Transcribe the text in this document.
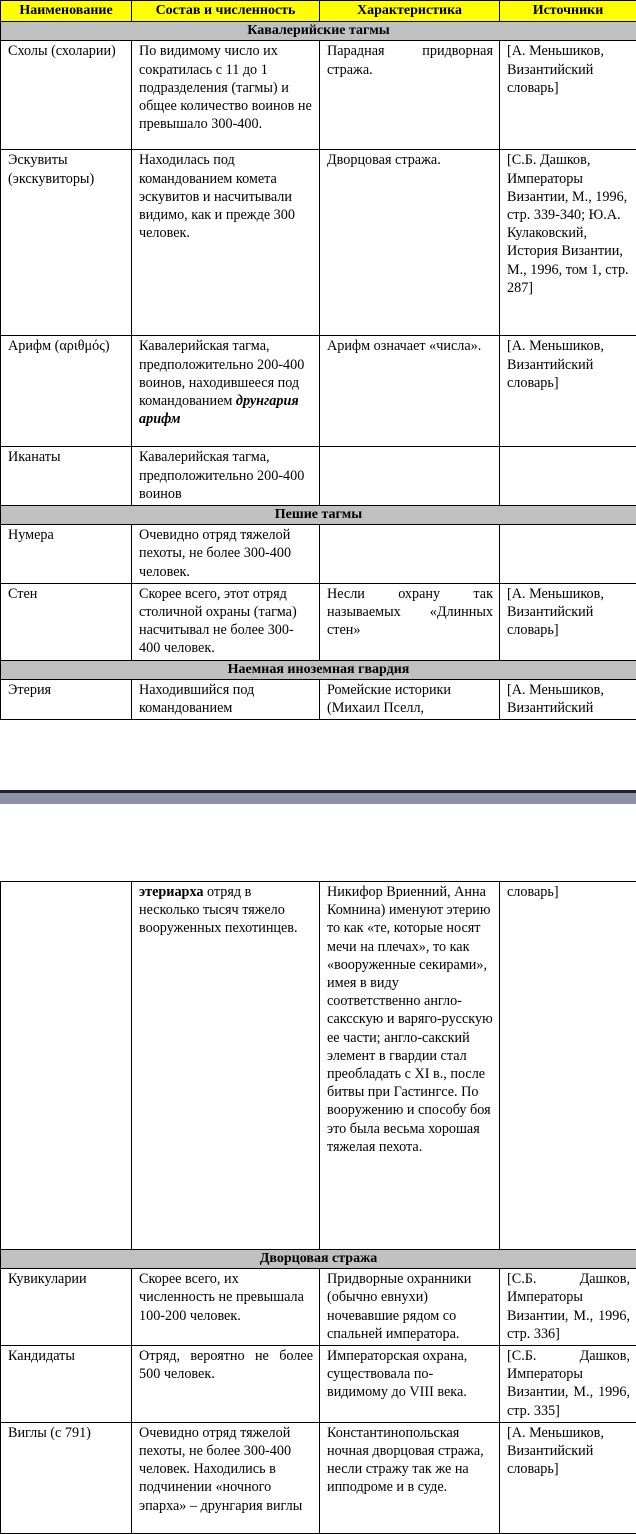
Наименование	Состав и численность	Характеристика	Источники
Кавалерийские тагмы			
Схолы (схоларии)	По видимому число их сократилась с 11 до 1 подразделения (тагмы) и общее количество воинов не превышало 300-400.	Парадная придворная стража.	[А. Меньшиков, Византийский словарь]
Эскувиты (экскувиторы)	Находилась под командованием комета эскувитов и насчитывали видимо, как и прежде 300 человек.	Дворцовая стража.	[С.Б. Дашков, Императоры Византии, М., 1996, стр. 339-340; Ю.А. Кулаковский, История Византии, М., 1996, том 1, стр. 287]
Арифм (αριθμός)	Кавалерийская тагма, предположительно 200-400 воинов, находившееся под командованием друнгария арифм	Арифм означает «числа».	[А. Меньшиков, Византийский словарь]
Иканаты	Кавалерийская тагма, предположительно 200-400 воинов		
Пешие тагмы			
Нумера	Очевидно отряд тяжелой пехоты, не более 300-400 человек.		
Стен	Скорее всего, этот отряд столичной охраны (тагма) насчитывал не более 300-400 человек.	Несли охрану так называемых «Длинных стен»	[А. Меньшиков, Византийский словарь]
Наемная иноземная гвардия			
Этерия	Находившийся под командованием	Ромейские историки (Михаил Пселл,	[А. Меньшиков, Византийский
	этериарха отряд в несколько тысяч тяжело вооруженных пехотинцев.	Никифор Вриенний, Анна Комнина) именуют этерию то как «те, которые носят мечи на плечах», то как «вооруженные секирами», имея в виду соответственно англо-саксскую и варяго-русскую ее части; англо-сакский элемент в гвардии стал преобладать с XI в., после битвы при Гастингсе. По вооружению и способу боя это была весьма хорошая тяжелая пехота.	словарь]
Дворцовая стража			
Кувикуларии	Скорее всего, их численность не превышала 100-200 человек.	Придворные охранники (обычно евнухи) ночевавшие рядом со спальней императора.	[С.Б. Дашков, Императоры Византии, М., 1996, стр. 336]
Кандидаты	Отряд, вероятно не более 500 человек.	Императорская охрана, существовала по-видимому до VIII века.	[С.Б. Дашков, Императоры Византии, М., 1996, стр. 335]
Виглы (с 791)	Очевидно отряд тяжелой пехоты, не более 300-400 человек. Находились в подчинении «ночного эпарха» – друнгария виглы	Константинопольская ночная дворцовая стража, несли стражу так же на ипподроме и в суде.	[А. Меньшиков, Византийский словарь]
